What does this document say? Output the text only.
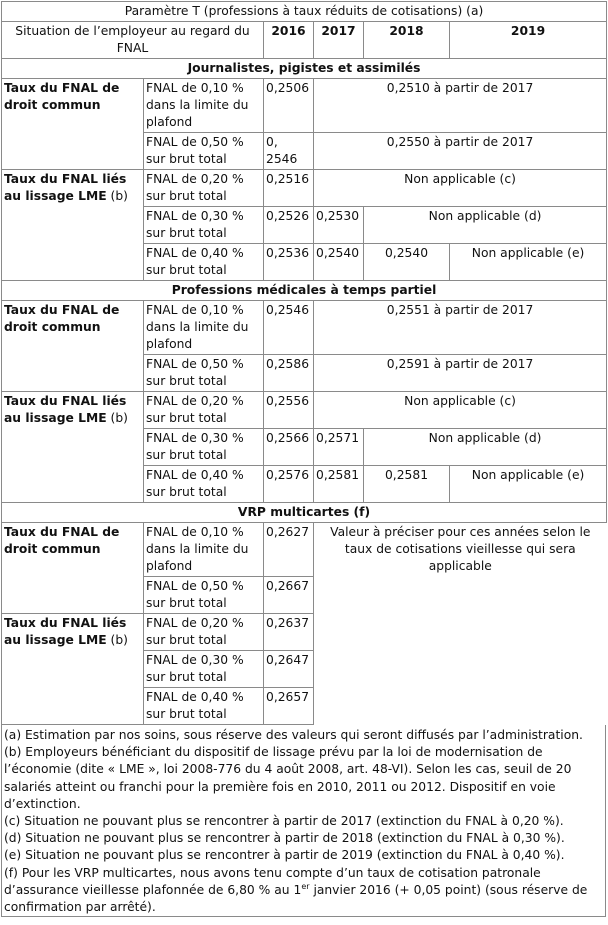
Paramètre T (professions à taux réduits de cotisations) (a)					
Situation de l’employeur au regard du FNAL		2016	2017	2018	2019
Journalistes, pigistes et assimilés					
Taux du FNAL de droit commun	FNAL de 0,10 % dans la limite du plafond	0,2506	0,2510 à partir de 2017		
	FNAL de 0,50 % sur brut total	0, 2546	0,2550 à partir de 2017		
Taux du FNAL liés au lissage LME (b)	FNAL de 0,20 % sur brut total	0,2516	Non applicable (c)		
	FNAL de 0,30 % sur brut total	0,2526	0,2530	Non applicable (d)	
	FNAL de 0,40 % sur brut total	0,2536	0,2540	0,2540	Non applicable (e)
Professions médicales à temps partiel					
Taux du FNAL de droit commun	FNAL de 0,10 % dans la limite du plafond	0,2546	0,2551 à partir de 2017		
	FNAL de 0,50 % sur brut total	0,2586	0,2591 à partir de 2017		
Taux du FNAL liés au lissage LME (b)	FNAL de 0,20 % sur brut total	0,2556	Non applicable (c)		
	FNAL de 0,30 % sur brut total	0,2566	0,2571	Non applicable (d)	
	FNAL de 0,40 % sur brut total	0,2576	0,2581	0,2581	Non applicable (e)
VRP multicartes (f)					
Taux du FNAL de droit commun	FNAL de 0,10 % dans la limite du plafond	0,2627	Valeur à préciser pour ces années selon le taux de cotisations vieillesse qui sera applicable		
	FNAL de 0,50 % sur brut total	0,2667			
Taux du FNAL liés au lissage LME (b)	FNAL de 0,20 % sur brut total	0,2637			
	FNAL de 0,30 % sur brut total	0,2647			
	FNAL de 0,40 % sur brut total	0,2657			
(a) Estimation par nos soins, sous réserve des valeurs qui seront diffusés par l’administration.
(b) Employeurs bénéficiant du dispositif de lissage prévu par la loi de modernisation de l’économie (dite « LME », loi 2008-776 du 4 août 2008, art. 48-VI). Selon les cas, seuil de 20 salariés atteint ou franchi pour la première fois en 2010, 2011 ou 2012. Dispositif en voie d’extinction.
(c) Situation ne pouvant plus se rencontrer à partir de 2017 (extinction du FNAL à 0,20 %).
(d) Situation ne pouvant plus se rencontrer à partir de 2018 (extinction du FNAL à 0,30 %).
(e) Situation ne pouvant plus se rencontrer à partir de 2019 (extinction du FNAL à 0,40 %).
(f) Pour les VRP multicartes, nous avons tenu compte d’un taux de cotisation patronale d’assurance vieillesse plafonnée de 6,80 % au 1er janvier 2016 (+ 0,05 point) (sous réserve de confirmation par arrêté).
